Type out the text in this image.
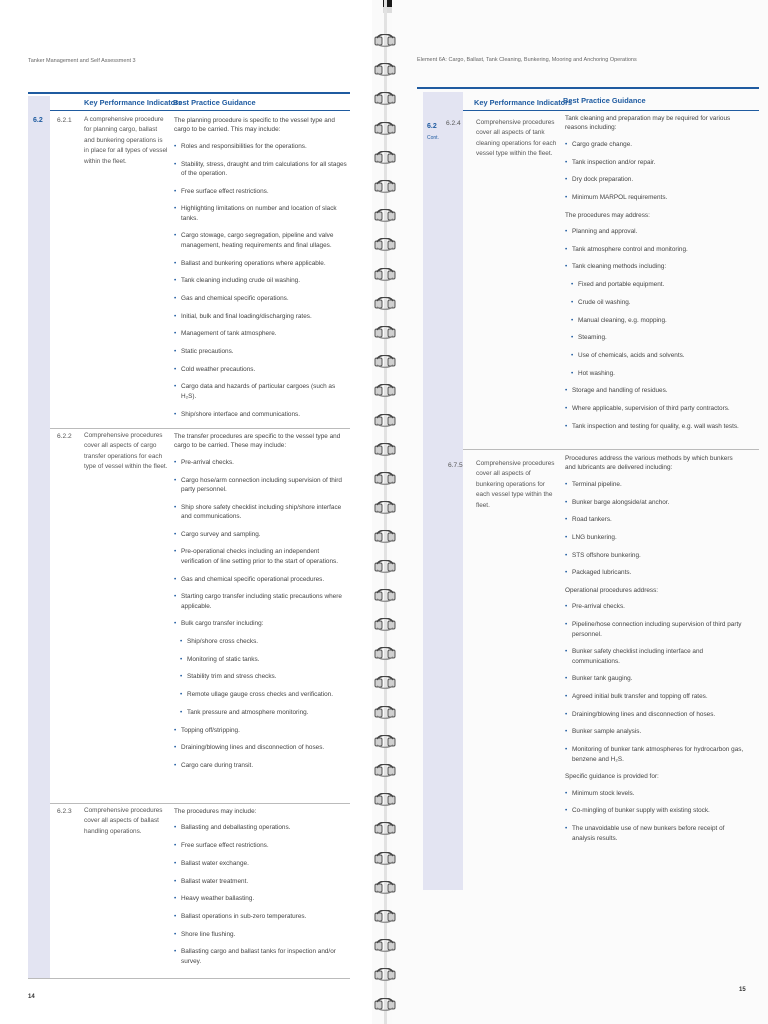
Tanker Management and Self Assessment 3
Key Performance Indicators
Best Practice Guidance
6.2 6.2.1 A comprehensive procedure for planning cargo, ballast and bunkering operations is in place for all types of vessel within the fleet.

The planning procedure is specific to the vessel type and cargo to be carried. This may include:

• Roles and responsibilities for the operations.
• Stability, stress, draught and trim calculations for all stages of the operation.
• Free surface effect restrictions.
• Highlighting limitations on number and location of slack tanks.
• Cargo stowage, cargo segregation, pipeline and valve management, heating requirements and final ullages.
• Ballast and bunkering operations where applicable.
• Tank cleaning including crude oil washing.
• Gas and chemical specific operations.
• Initial, bulk and final loading/discharging rates.
• Management of tank atmosphere.
• Static precautions.
• Cold weather precautions.
• Cargo data and hazards of particular cargoes (such as H₂S).
• Ship/shore interface and communications.
6.2.2 Comprehensive procedures cover all aspects of cargo transfer operations for each type of vessel within the fleet.

The transfer procedures are specific to the vessel type and cargo to be carried. These may include:

• Pre-arrival checks.
• Cargo hose/arm connection including supervision of third party personnel.
• Ship shore safety checklist including ship/shore interface and communications.
• Cargo survey and sampling.
• Pre-operational checks including an independent verification of line setting prior to the start of operations.
• Gas and chemical specific operational procedures.
• Starting cargo transfer including static precautions where applicable.
• Bulk cargo transfer including:
• Ship/shore cross checks.
• Monitoring of static tanks.
• Stability trim and stress checks.
• Remote ullage gauge cross checks and verification.
• Tank pressure and atmosphere monitoring.
• Topping off/stripping.
• Draining/blowing lines and disconnection of hoses.
• Cargo care during transit.
6.2.3 Comprehensive procedures cover all aspects of ballast handling operations.

The procedures may include:

• Ballasting and deballasting operations.
• Free surface effect restrictions.
• Ballast water exchange.
• Ballast water treatment.
• Heavy weather ballasting.
• Ballast operations in sub-zero temperatures.
• Shore line flushing.
• Ballasting cargo and ballast tanks for inspection and/or survey.
14
Element 6A: Cargo, Ballast, Tank Cleaning, Bunkering, Mooring and Anchoring Operations
Key Performance Indicators
Best Practice Guidance
6.2
Cont.
6.2.4 Comprehensive procedures cover all aspects of tank cleaning operations for each vessel type within the fleet.

Tank cleaning and preparation may be required for various reasons including:

• Cargo grade change.
• Tank inspection and/or repair.
• Dry dock preparation.
• Minimum MARPOL requirements.

The procedures may address:

• Planning and approval.
• Tank atmosphere control and monitoring.
• Tank cleaning methods including:
• Fixed and portable equipment.
• Crude oil washing.
• Manual cleaning, e.g. mopping.
• Steaming.
• Use of chemicals, acids and solvents.
• Hot washing.
• Storage and handling of residues.
• Where applicable, supervision of third party contractors.
• Tank inspection and testing for quality, e.g. wall wash tests.
6.7.5 Comprehensive procedures cover all aspects of bunkering operations for each vessel type within the fleet.

Procedures address the various methods by which bunkers and lubricants are delivered including:

• Terminal pipeline.
• Bunker barge alongside/at anchor.
• Road tankers.
• LNG bunkering.
• STS offshore bunkering.
• Packaged lubricants.

Operational procedures address:

• Pre-arrival checks.
• Pipeline/hose connection including supervision of third party personnel.
• Bunker safety checklist including interface and communications.
• Bunker tank gauging.
• Agreed initial bulk transfer and topping off rates.
• Draining/blowing lines and disconnection of hoses.
• Bunker sample analysis.
• Monitoring of bunker tank atmospheres for hydrocarbon gas, benzene and H₂S.

Specific guidance is provided for:

• Minimum stock levels.
• Co-mingling of bunker supply with existing stock.
• The unavoidable use of new bunkers before receipt of analysis results.
15
